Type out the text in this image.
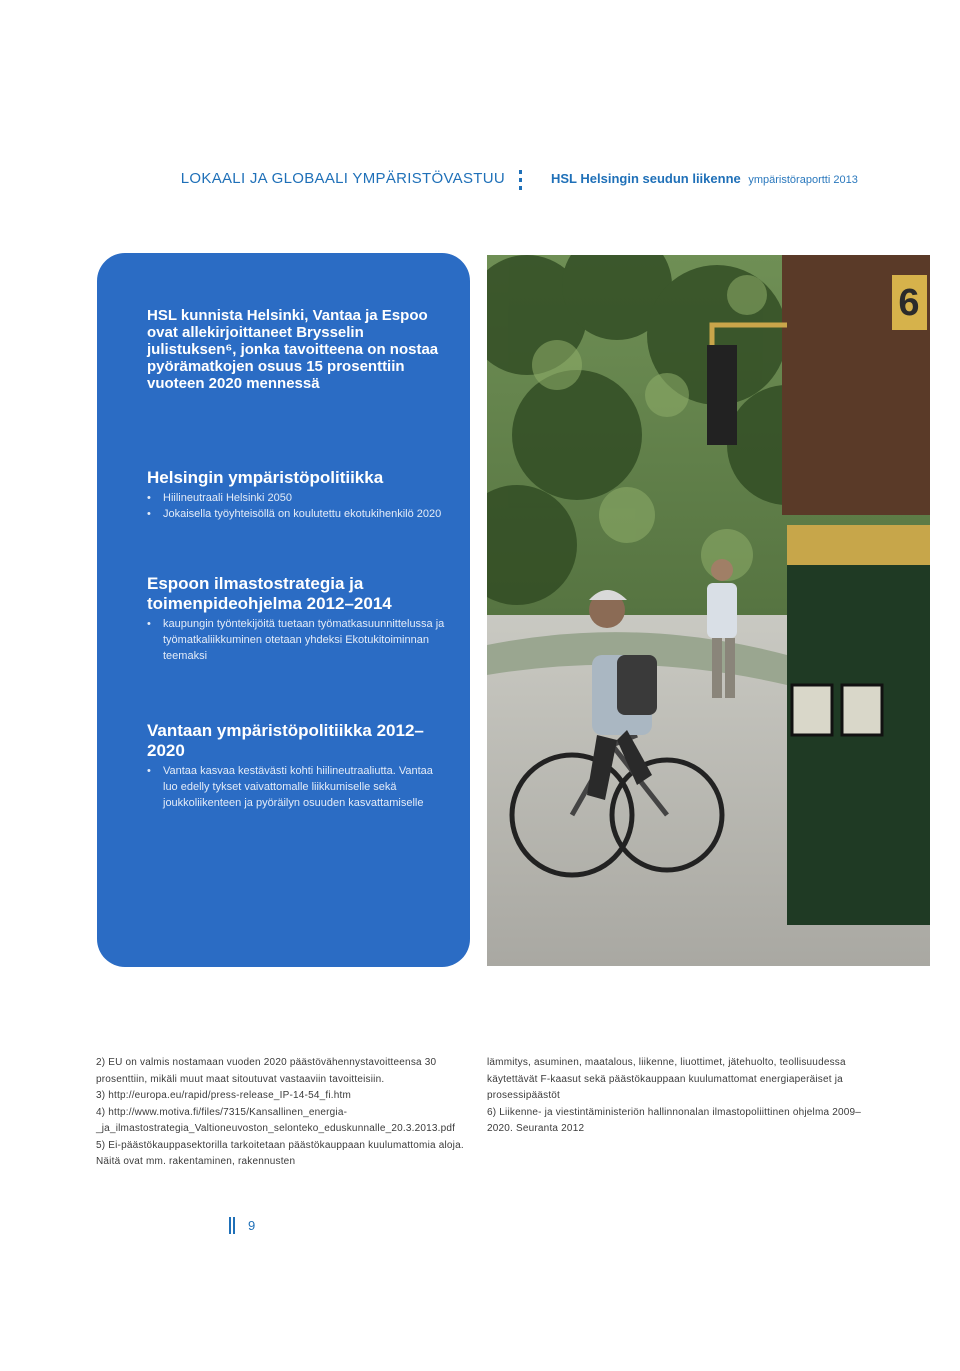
LOKAALI JA GLOBAALI YMPÄRISTÖVASTUU	HSL Helsingin seudun liikenne ympäristöraportti 2013

HSL kunnista Helsinki, Vantaa ja Espoo ovat allekirjoittaneet Brysselin julistuksen⁶, jonka tavoitteena on nostaa pyörämatkojen osuus 15 prosenttiin vuoteen 2020 mennessä

Helsingin ympäristöpolitiikka

• Hiilineutraali Helsinki 2050
• Jokaisella työyhteisöllä on koulutettu ekotukihenkilö 2020

Espoon ilmastostrategia ja toimenpideohjelma 2012–2014

• kaupungin työntekijöitä tuetaan työmatkasuunnittelussa ja työmatkaliikkuminen otetaan yhdeksi Ekotukitoiminnan teemaksi

Vantaan ympäristöpolitiikka 2012–2020

• Vantaa kasvaa kestävästi kohti hiilineutraaliutta. Vantaa luo edelly tykset vaivattomalle liikkumiselle sekä joukkoliikenteen ja pyöräilyn osuuden kasvattamiselle
6

2) EU on valmis nostamaan vuoden 2020 päästövähennystavoitteensa 30 prosenttiin, mikäli muut maat sitoutuvat vastaaviin tavoitteisiin.

3) http://europa.eu/rapid/press-release_IP-14-54_fi.htm

4) http://www.motiva.fi/files/7315/Kansallinen_energia-_ja_ilmastostrategia_Valtioneuvoston_selonteko_eduskunnalle_20.3.2013.pdf

5) Ei-päästökauppasektorilla tarkoitetaan päästökauppaan kuulumattomia aloja. Näitä ovat mm. rakentaminen, rakennusten

lämmitys, asuminen, maatalous, liikenne, liuottimet, jätehuolto, teollisuudessa käytettävät F-kaasut sekä päästökauppaan kuulumattomat energiaperäiset ja prosessipäästöt

6) Liikenne- ja viestintäministeriön hallinnonalan ilmastopoliittinen ohjelma 2009–2020. Seuranta 2012

9
